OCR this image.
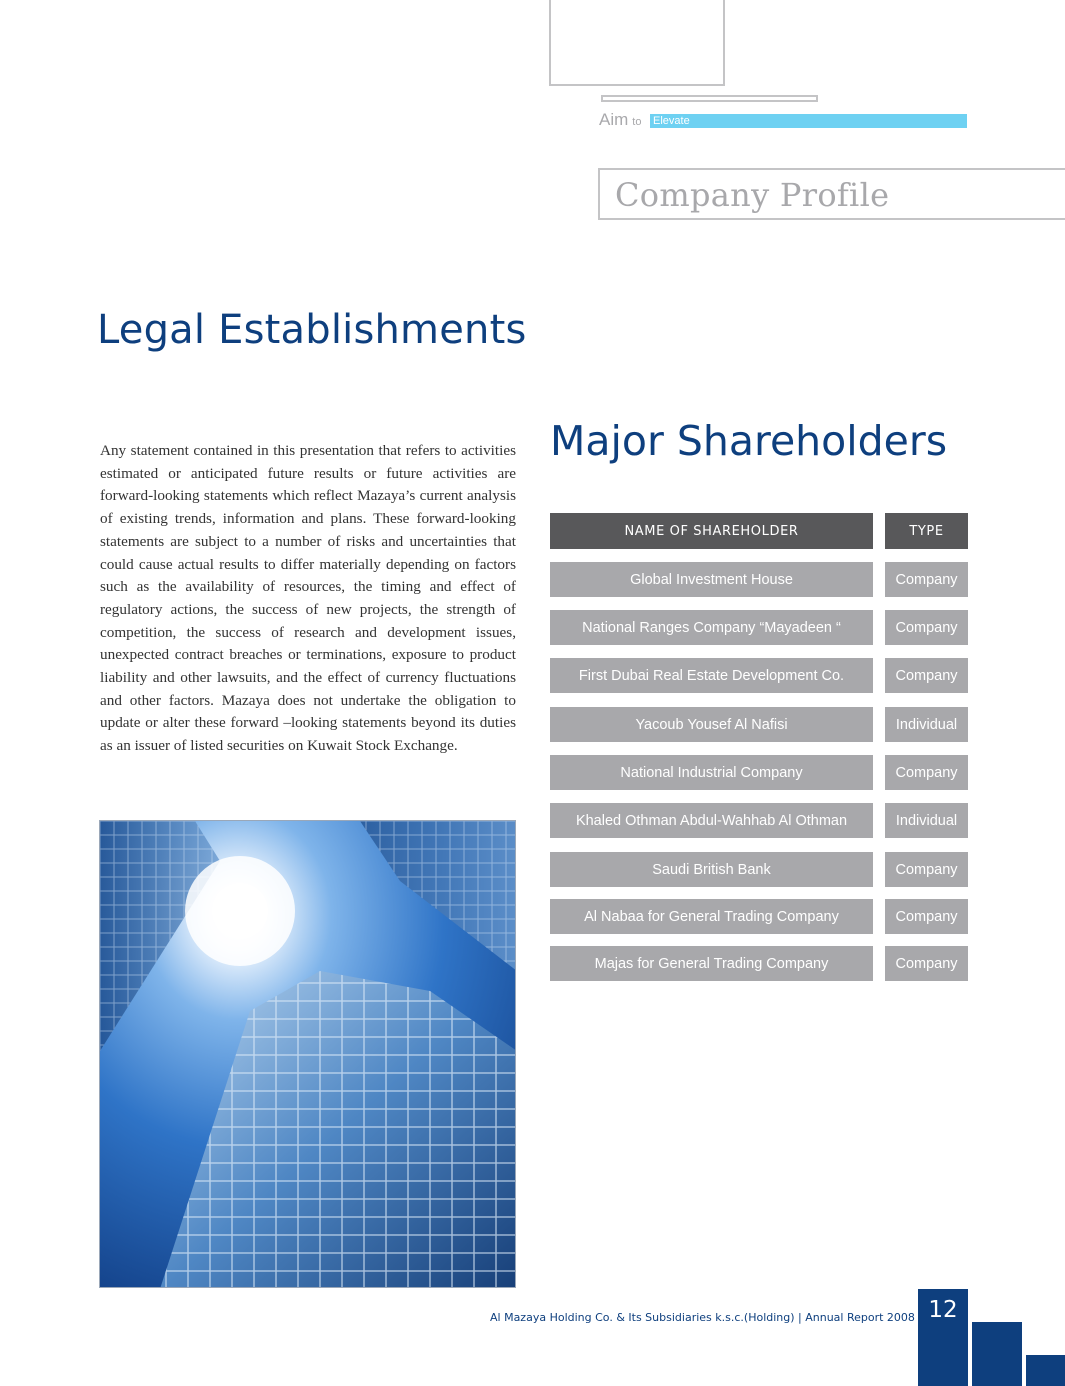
Aim to Elevate
Company Profile
Legal Establishments

Any statement contained in this presentation that refers to activities estimated or anticipated future results or future activities are forward-looking statements which reflect Mazaya’s current analysis of existing trends, information and plans. These forward-looking statements are subject to a number of risks and uncertainties that could cause actual results to differ materially depending on factors such as the availability of resources, the timing and effect of regulatory actions, the success of new projects, the strength of competition, the success of research and development issues, unexpected contract breaches or terminations, exposure to product liability and other lawsuits, and the effect of currency fluctuations and other factors. Mazaya does not undertake the obligation to update or alter these forward –looking statements beyond its duties as an issuer of listed securities on Kuwait Stock Exchange.

Major Shareholders
NAME OF SHAREHOLDER	TYPE
Global Investment House	Company
National Ranges Company “Mayadeen “	Company
First Dubai Real Estate Development Co.	Company
Yacoub Yousef Al Nafisi	Individual
National Industrial Company	Company
Khaled Othman Abdul-Wahhab Al Othman	Individual
Saudi British Bank	Company
Al Nabaa for General Trading Company	Company
Majas for General Trading Company	Company
Al Mazaya Holding Co. & Its Subsidiaries k.s.c.(Holding) | Annual Report 2008 12
